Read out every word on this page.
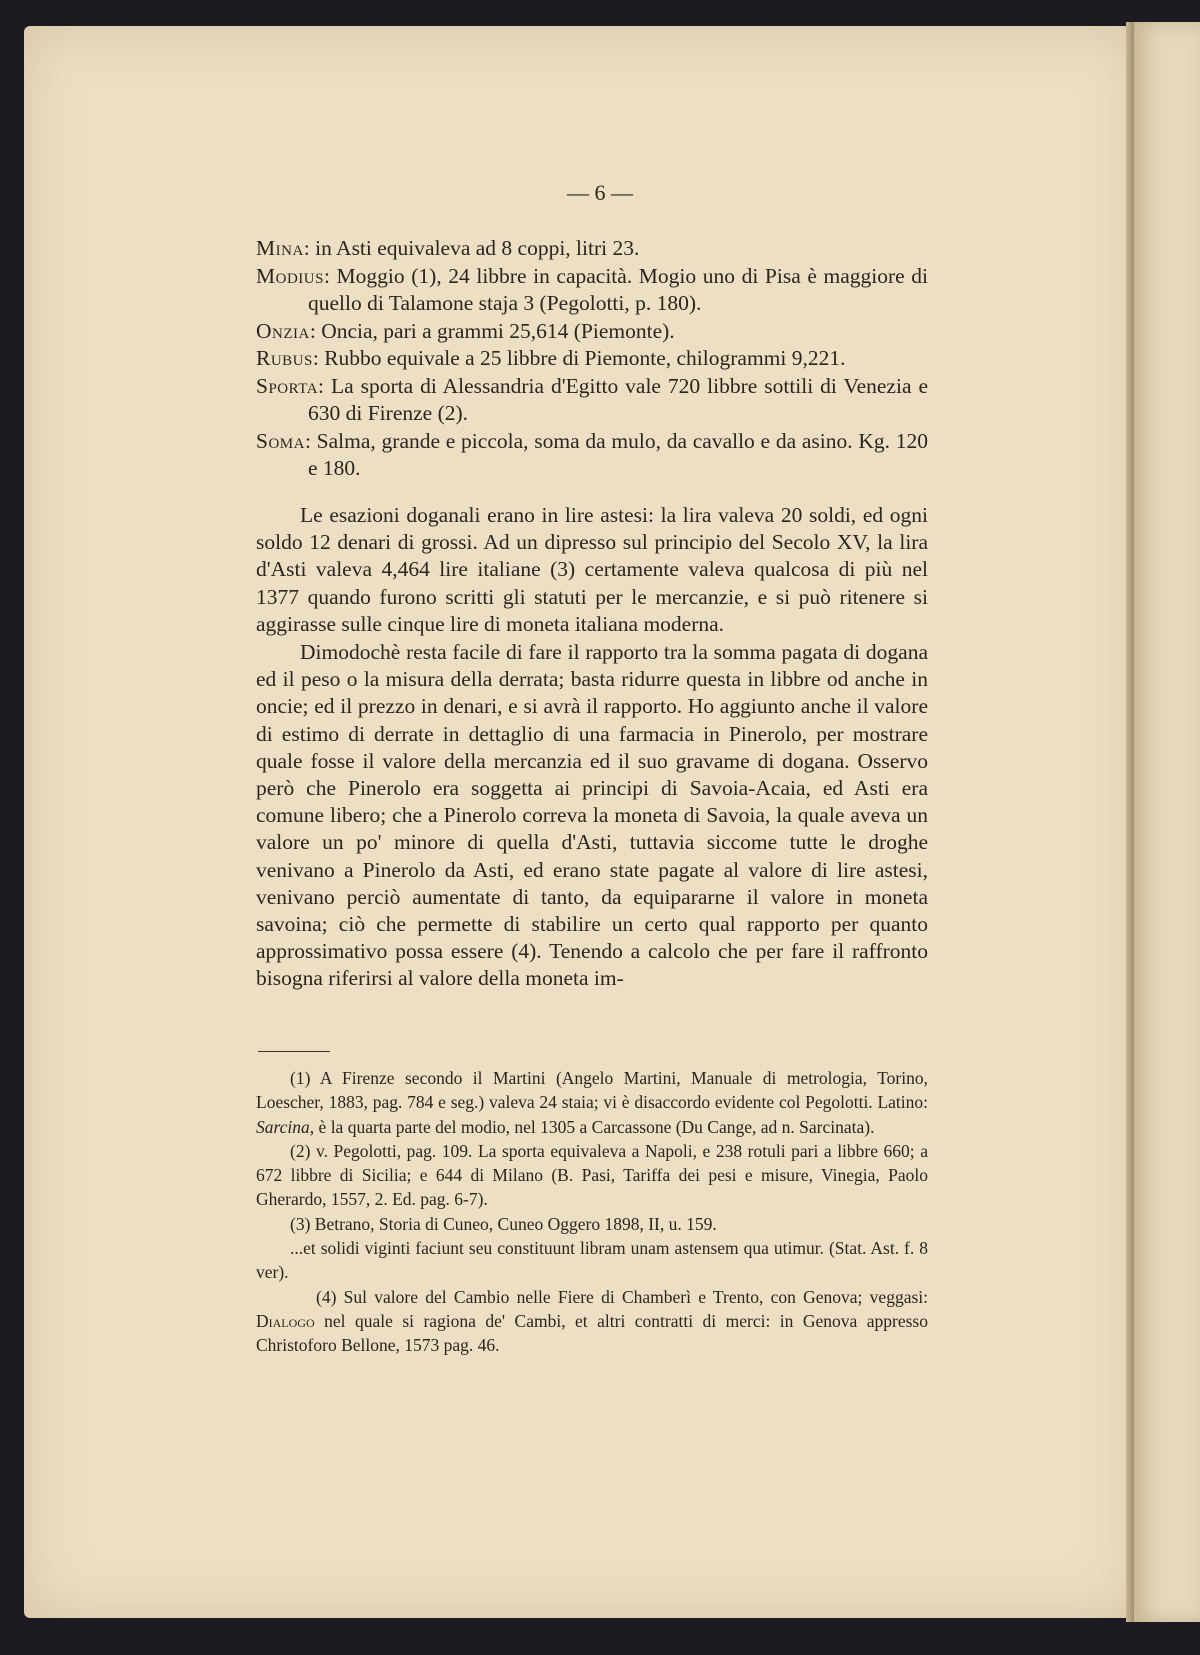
— 6 —
Mina: in Asti equivaleva ad 8 coppi, litri 23.
Modius: Moggio (1), 24 libbre in capacità. Mogio uno di Pisa è maggiore di quello di Talamone staja 3 (Pegolotti, p. 180).
Onzia: Oncia, pari a grammi 25,614 (Piemonte).
Rubus: Rubbo equivale a 25 libbre di Piemonte, chilogrammi 9,221.
Sporta: La sporta di Alessandria d'Egitto vale 720 libbre sottili di Venezia e 630 di Firenze (2).
Soma: Salma, grande e piccola, soma da mulo, da cavallo e da asino. Kg. 120 e 180.

Le esazioni doganali erano in lire astesi: la lira valeva 20 soldi, ed ogni soldo 12 denari di grossi. Ad un dipresso sul principio del Secolo XV, la lira d'Asti valeva 4,464 lire italiane (3) certamente valeva qualcosa di più nel 1377 quando furono scritti gli statuti per le mercanzie, e si può ritenere si aggirasse sulle cinque lire di moneta italiana moderna.

Dimodochè resta facile di fare il rapporto tra la somma pagata di dogana ed il peso o la misura della derrata; basta ridurre questa in libbre od anche in oncie; ed il prezzo in denari, e si avrà il rapporto. Ho aggiunto anche il valore di estimo di derrate in dettaglio di una farmacia in Pinerolo, per mostrare quale fosse il valore della mercanzia ed il suo gravame di dogana. Osservo però che Pinerolo era soggetta ai principi di Savoia-Acaia, ed Asti era comune libero; che a Pinerolo correva la moneta di Savoia, la quale aveva un valore un po' minore di quella d'Asti, tuttavia siccome tutte le droghe venivano a Pinerolo da Asti, ed erano state pagate al valore di lire astesi, venivano perciò aumentate di tanto, da equipararne il valore in moneta savoina; ciò che permette di stabilire un certo qual rapporto per quanto approssimativo possa essere (4). Tenendo a calcolo che per fare il raffronto bisogna riferirsi al valore della moneta im-

(1) A Firenze secondo il Martini (Angelo Martini, Manuale di metrologia, Torino, Loescher, 1883, pag. 784 e seg.) valeva 24 staia; vi è disaccordo evidente col Pegolotti. Latino: Sarcina, è la quarta parte del modio, nel 1305 a Carcassone (Du Cange, ad n. Sarcinata).

(2) v. Pegolotti, pag. 109. La sporta equivaleva a Napoli, e 238 rotuli pari a libbre 660; a 672 libbre di Sicilia; e 644 di Milano (B. Pasi, Tariffa dei pesi e misure, Vinegia, Paolo Gherardo, 1557, 2. Ed. pag. 6-7).

(3) Betrano, Storia di Cuneo, Cuneo Oggero 1898, II, u. 159.

...et solidi viginti faciunt seu constituunt libram unam astensem qua utimur. (Stat. Ast. f. 8 ver).

(4) Sul valore del Cambio nelle Fiere di Chamberì e Trento, con Genova; veggasi: Dialogo nel quale si ragiona de' Cambi, et altri contratti di merci: in Genova appresso Christoforo Bellone, 1573 pag. 46.
